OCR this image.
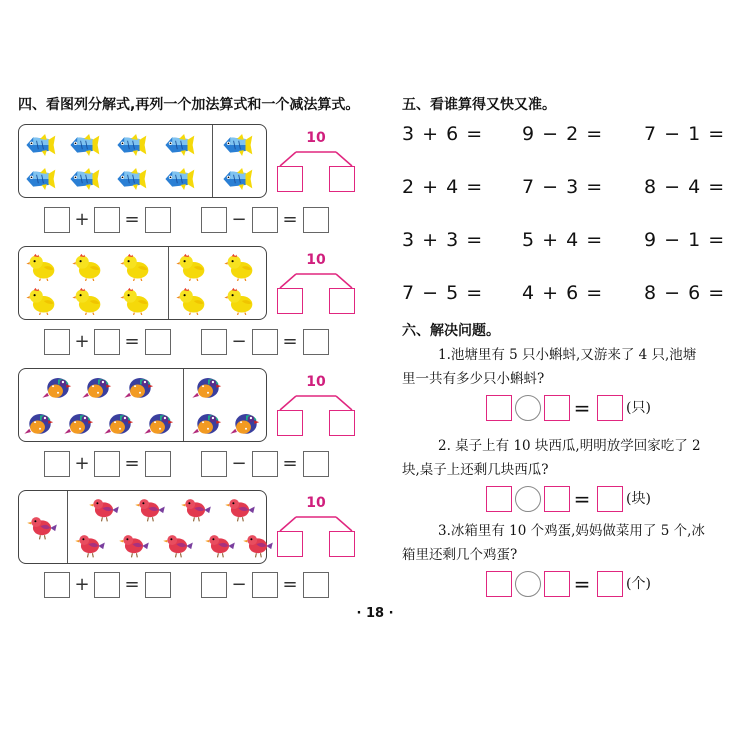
四、看图列分解式,再列一个加法算式和一个减法算式。
10
10
10
10
+ =	− =
+ =	− =
+ =	− =
+ =	− =
五、看谁算得又快又准。
3 + 6 = 9 − 2 = 7 − 1 =
2 + 4 = 7 − 3 = 8 − 4 =
3 + 3 = 5 + 4 = 9 − 1 =
7 − 5 = 4 + 6 = 8 − 6 =
六、解决问题。
1.池塘里有 5 只小蝌蚪,又游来了 4 只,池塘
里一共有多少只小蝌蚪?
=	(只)
2. 桌子上有 10 块西瓜,明明放学回家吃了 2
块,桌子上还剩几块西瓜?
=	(块)
3.冰箱里有 10 个鸡蛋,妈妈做菜用了 5 个,冰
箱里还剩几个鸡蛋?
=	(个)
· 18 ·
